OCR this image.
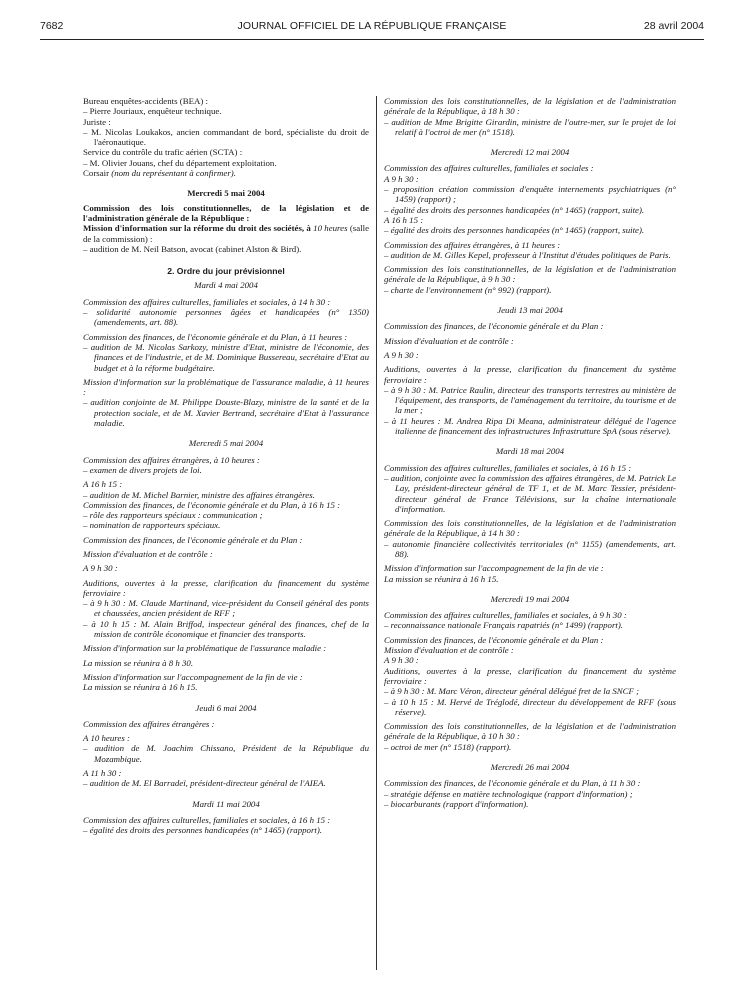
7682	JOURNAL OFFICIEL DE LA RÉPUBLIQUE FRANÇAISE	28 avril 2004
Bureau enquêtes-accidents (BEA) :
– Pierre Jouriaux, enquêteur technique.
Juriste :
– M. Nicolas Loukakos, ancien commandant de bord, spécialiste du droit de l'aéronautique.
Service du contrôle du trafic aérien (SCTA) :
– M. Olivier Jouans, chef du département exploitation.
Corsair (nom du représentant à confirmer).
Mercredi 5 mai 2004
Commission des lois constitutionnelles, de la législation et de l'administration générale de la République :
Mission d'information sur la réforme du droit des sociétés, à 10 heures (salle de la commission) :
– audition de M. Neil Batson, avocat (cabinet Alston & Bird).
2. Ordre du jour prévisionnel
Mardi 4 mai 2004
Commission des affaires culturelles, familiales et sociales, à 14 h 30 :
– solidarité autonomie personnes âgées et handicapées (n° 1350) (amendements, art. 88).
Commission des finances, de l'économie générale et du Plan, à 11 heures :
– audition de M. Nicolas Sarkozy, ministre d'Etat, ministre de l'économie, des finances et de l'industrie, et de M. Dominique Bussereau, secrétaire d'Etat au budget et à la réforme budgétaire.
Mission d'information sur la problématique de l'assurance maladie, à 11 heures :
– audition conjointe de M. Philippe Douste-Blazy, ministre de la santé et de la protection sociale, et de M. Xavier Bertrand, secrétaire d'Etat à l'assurance maladie.
Mercredi 5 mai 2004
Commission des affaires étrangères, à 10 heures :
– examen de divers projets de loi.
A 16 h 15 :
– audition de M. Michel Barnier, ministre des affaires étrangères.
Commission des finances, de l'économie générale et du Plan, à 16 h 15 :
– rôle des rapporteurs spéciaux : communication ;
– nomination de rapporteurs spéciaux.
Commission des finances, de l'économie générale et du Plan :
Mission d'évaluation et de contrôle :
A 9 h 30 :
Auditions, ouvertes à la presse, clarification du financement du système ferroviaire :
– à 9 h 30 : M. Claude Martinand, vice-président du Conseil général des ponts et chaussées, ancien président de RFF ;
– à 10 h 15 : M. Alain Briffod, inspecteur général des finances, chef de la mission de contrôle économique et financier des transports.
Mission d'information sur la problématique de l'assurance maladie :
La mission se réunira à 8 h 30.
Mission d'information sur l'accompagnement de la fin de vie :
La mission se réunira à 16 h 15.
Jeudi 6 mai 2004
Commission des affaires étrangères :
A 10 heures :
– audition de M. Joachim Chissano, Président de la République du Mozambique.
A 11 h 30 :
– audition de M. El Barradeï, président-directeur général de l'AIEA.
Mardi 11 mai 2004
Commission des affaires culturelles, familiales et sociales, à 16 h 15 :
– égalité des droits des personnes handicapées (n° 1465) (rapport).
Commission des lois constitutionnelles, de la législation et de l'administration générale de la République, à 18 h 30 :
– audition de Mme Brigitte Girardin, ministre de l'outre-mer, sur le projet de loi relatif à l'octroi de mer (n° 1518).
Mercredi 12 mai 2004
Commission des affaires culturelles, familiales et sociales :
A 9 h 30 :
– proposition création commission d'enquête internements psychiatriques (n° 1459) (rapport) ;
– égalité des droits des personnes handicapées (n° 1465) (rapport, suite).
A 16 h 15 :
– égalité des droits des personnes handicapées (n° 1465) (rapport, suite).
Commission des affaires étrangères, à 11 heures :
– audition de M. Gilles Kepel, professeur à l'Institut d'études politiques de Paris.
Commission des lois constitutionnelles, de la législation et de l'administration générale de la République, à 9 h 30 :
– charte de l'environnement (n° 992) (rapport).
Jeudi 13 mai 2004
Commission des finances, de l'économie générale et du Plan :
Mission d'évaluation et de contrôle :
A 9 h 30 :
Auditions, ouvertes à la presse, clarification du financement du système ferroviaire :
– à 9 h 30 : M. Patrice Raulin, directeur des transports terrestres au ministère de l'équipement, des transports, de l'aménagement du territoire, du tourisme et de la mer ;
– à 11 heures : M. Andrea Ripa Di Meana, administrateur délégué de l'agence italienne de financement des infrastructures Infrastrutture SpA (sous réserve).
Mardi 18 mai 2004
Commission des affaires culturelles, familiales et sociales, à 16 h 15 :
– audition, conjointe avec la commission des affaires étrangères, de M. Patrick Le Lay, président-directeur général de TF 1, et de M. Marc Tessier, président-directeur général de France Télévisions, sur la chaîne internationale d'information.
Commission des lois constitutionnelles, de la législation et de l'administration générale de la République, à 14 h 30 :
– autonomie financière collectivités territoriales (n° 1155) (amendements, art. 88).
Mission d'information sur l'accompagnement de la fin de vie :
La mission se réunira à 16 h 15.
Mercredi 19 mai 2004
Commission des affaires culturelles, familiales et sociales, à 9 h 30 :
– reconnaissance nationale Français rapatriés (n° 1499) (rapport).
Commission des finances, de l'économie générale et du Plan :
Mission d'évaluation et de contrôle :
A 9 h 30 :
Auditions, ouvertes à la presse, clarification du financement du système ferroviaire :
– à 9 h 30 : M. Marc Véron, directeur général délégué fret de la SNCF ;
– à 10 h 15 : M. Hervé de Tréglodé, directeur du développement de RFF (sous réserve).
Commission des lois constitutionnelles, de la législation et de l'administration générale de la République, à 10 h 30 :
– octroi de mer (n° 1518) (rapport).
Mercredi 26 mai 2004
Commission des finances, de l'économie générale et du Plan, à 11 h 30 :
– stratégie défense en matière technologique (rapport d'information) ;
– biocarburants (rapport d'information).
